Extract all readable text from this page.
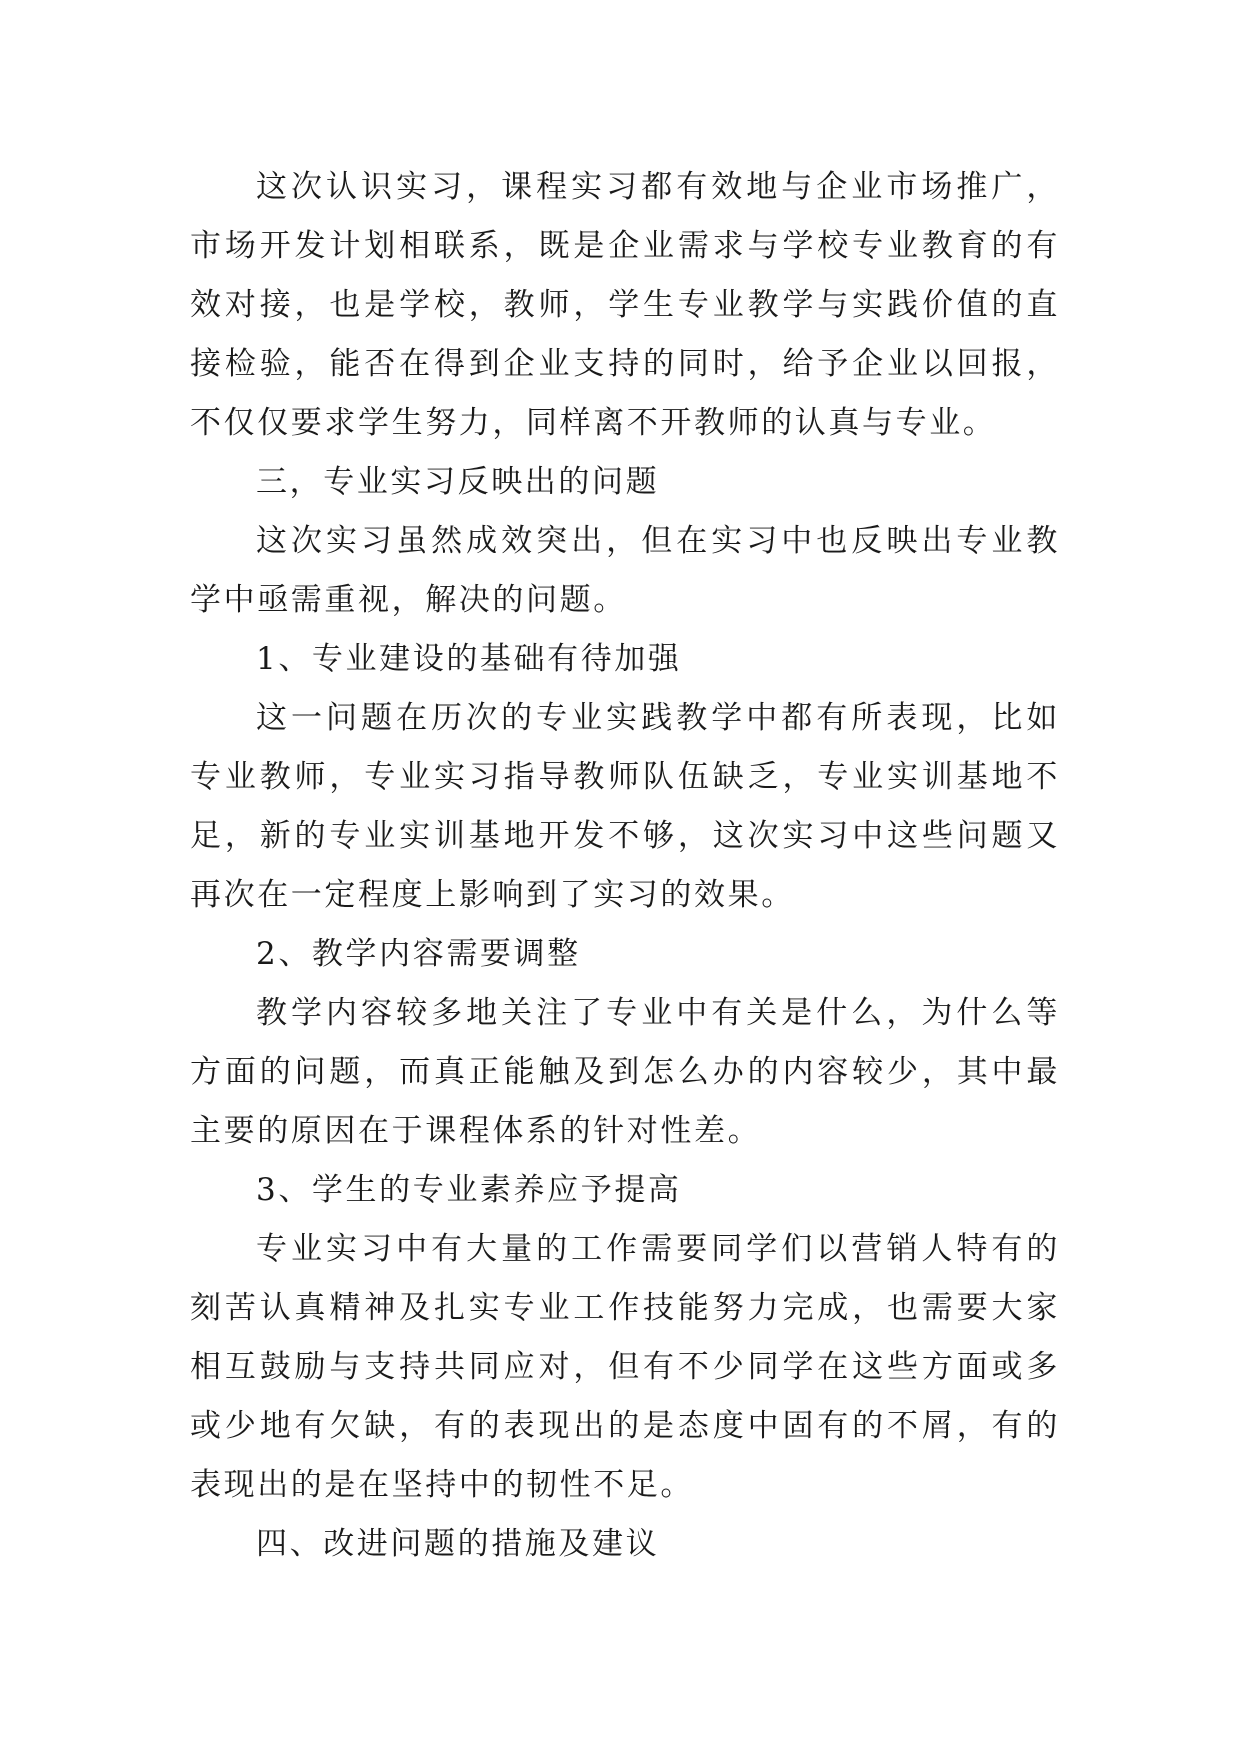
这次认识实习，课程实习都有效地与企业市场推广，市场开发计划相联系，既是企业需求与学校专业教育的有效对接，也是学校，教师，学生专业教学与实践价值的直接检验，能否在得到企业支持的同时，给予企业以回报，不仅仅要求学生努力，同样离不开教师的认真与专业。

三，专业实习反映出的问题

这次实习虽然成效突出，但在实习中也反映出专业教学中亟需重视，解决的问题。

1、专业建设的基础有待加强

这一问题在历次的专业实践教学中都有所表现，比如专业教师，专业实习指导教师队伍缺乏，专业实训基地不足，新的专业实训基地开发不够，这次实习中这些问题又再次在一定程度上影响到了实习的效果。

2、教学内容需要调整

教学内容较多地关注了专业中有关是什么，为什么等方面的问题，而真正能触及到怎么办的内容较少，其中最主要的原因在于课程体系的针对性差。

3、学生的专业素养应予提高

专业实习中有大量的工作需要同学们以营销人特有的刻苦认真精神及扎实专业工作技能努力完成，也需要大家相互鼓励与支持共同应对，但有不少同学在这些方面或多或少地有欠缺，有的表现出的是态度中固有的不屑，有的表现出的是在坚持中的韧性不足。

四、改进问题的措施及建议
